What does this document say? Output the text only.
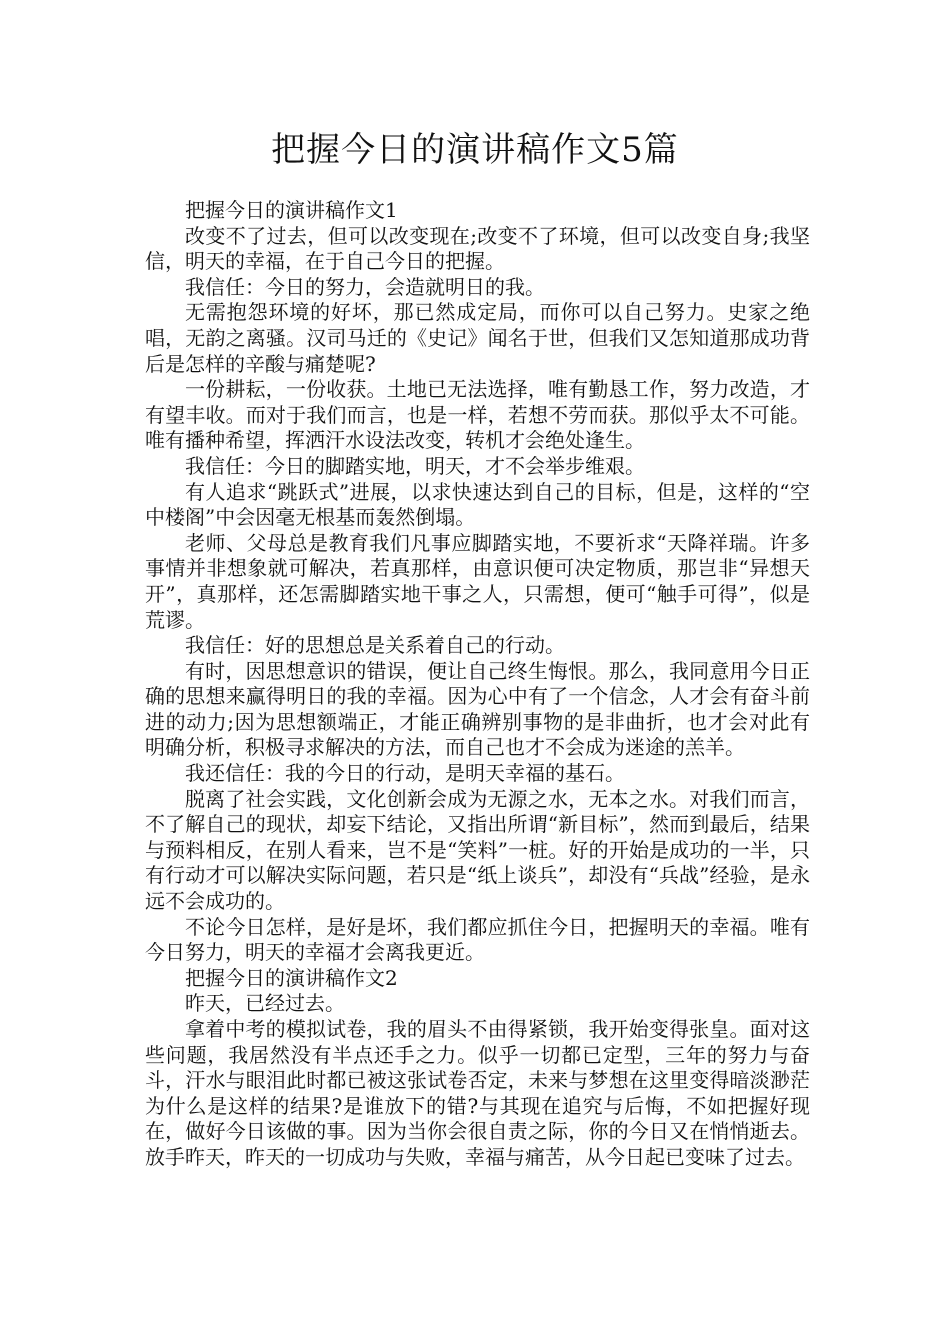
把握今日的演讲稿作文5篇

把握今日的演讲稿作文1

改变不了过去，但可以改变现在;改变不了环境，但可以改变自身;我坚信，明天的幸福，在于自己今日的把握。

我信任：今日的努力，会造就明日的我。

无需抱怨环境的好坏，那已然成定局，而你可以自己努力。史家之绝唱，无韵之离骚。汉司马迁的《史记》闻名于世，但我们又怎知道那成功背后是怎样的辛酸与痛楚呢?

一份耕耘，一份收获。土地已无法选择，唯有勤恳工作，努力改造，才有望丰收。而对于我们而言，也是一样，若想不劳而获。那似乎太不可能。唯有播种希望，挥洒汗水设法改变，转机才会绝处逢生。

我信任：今日的脚踏实地，明天，才不会举步维艰。

有人追求“跳跃式”进展，以求快速达到自己的目标，但是，这样的“空中楼阁”中会因毫无根基而轰然倒塌。

老师、父母总是教育我们凡事应脚踏实地，不要祈求“天降祥瑞。许多事情并非想象就可解决，若真那样，由意识便可决定物质，那岂非“异想天开”，真那样，还怎需脚踏实地干事之人，只需想，便可“触手可得”，似是荒谬。

我信任：好的思想总是关系着自己的行动。

有时，因思想意识的错误，便让自己终生悔恨。那么，我同意用今日正确的思想来赢得明日的我的幸福。因为心中有了一个信念，人才会有奋斗前进的动力;因为思想额端正，才能正确辨别事物的是非曲折，也才会对此有明确分析，积极寻求解决的方法，而自己也才不会成为迷途的羔羊。

我还信任：我的今日的行动，是明天幸福的基石。

脱离了社会实践，文化创新会成为无源之水，无本之水。对我们而言，不了解自己的现状，却妄下结论，又指出所谓“新目标”，然而到最后，结果与预料相反，在别人看来，岂不是“笑料”一桩。好的开始是成功的一半，只有行动才可以解决实际问题，若只是“纸上谈兵”，却没有“兵战”经验，是永远不会成功的。

不论今日怎样，是好是坏，我们都应抓住今日，把握明天的幸福。唯有今日努力，明天的幸福才会离我更近。

把握今日的演讲稿作文2

昨天，已经过去。

拿着中考的模拟试卷，我的眉头不由得紧锁，我开始变得张皇。面对这些问题，我居然没有半点还手之力。似乎一切都已定型，三年的努力与奋斗，汗水与眼泪此时都已被这张试卷否定，未来与梦想在这里变得暗淡渺茫为什么是这样的结果?是谁放下的错?与其现在追究与后悔，不如把握好现在，做好今日该做的事。因为当你会很自责之际，你的今日又在悄悄逝去。放手昨天，昨天的一切成功与失败，幸福与痛苦，从今日起已变味了过去。
